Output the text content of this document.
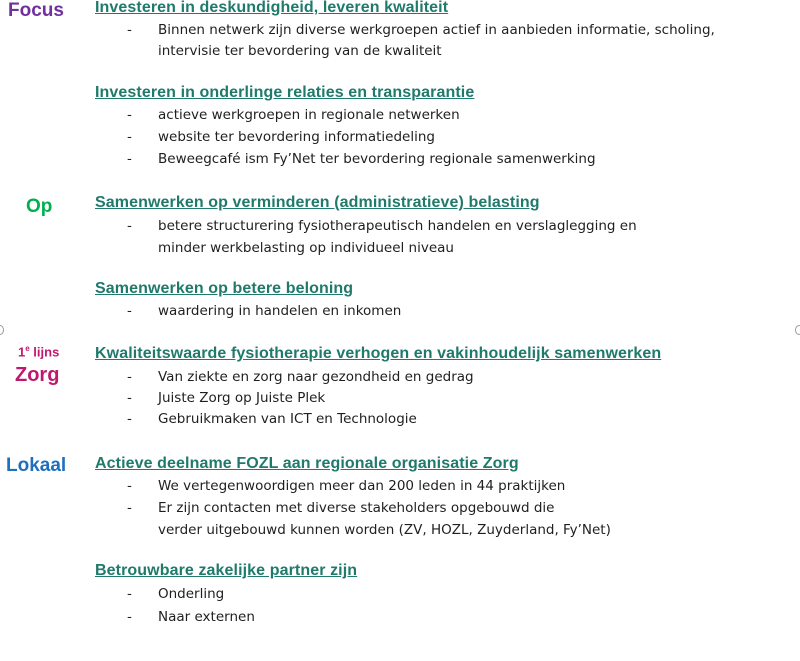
Focus
Op
1e lijns
Zorg
Lokaal
Investeren in deskundigheid, leveren kwaliteit
- Binnen netwerk zijn diverse werkgroepen actief in aanbieden informatie, scholing,
intervisie ter bevordering van de kwaliteit
Investeren in onderlinge relaties en transparantie
- actieve werkgroepen in regionale netwerken
- website ter bevordering informatiedeling
- Beweegcafé ism Fy’Net ter bevordering regionale samenwerking
Samenwerken op verminderen (administratieve) belasting
- betere structurering fysiotherapeutisch handelen en verslaglegging en
minder werkbelasting op individueel niveau
Samenwerken op betere beloning
- waardering in handelen en inkomen
Kwaliteitswaarde fysiotherapie verhogen en vakinhoudelijk samenwerken
- Van ziekte en zorg naar gezondheid en gedrag
- Juiste Zorg op Juiste Plek
- Gebruikmaken van ICT en Technologie
Actieve deelname FOZL aan regionale organisatie Zorg
- We vertegenwoordigen meer dan 200 leden in 44 praktijken
- Er zijn contacten met diverse stakeholders opgebouwd die
verder uitgebouwd kunnen worden (ZV, HOZL, Zuyderland, Fy’Net)
Betrouwbare zakelijke partner zijn
- Onderling
- Naar externen
